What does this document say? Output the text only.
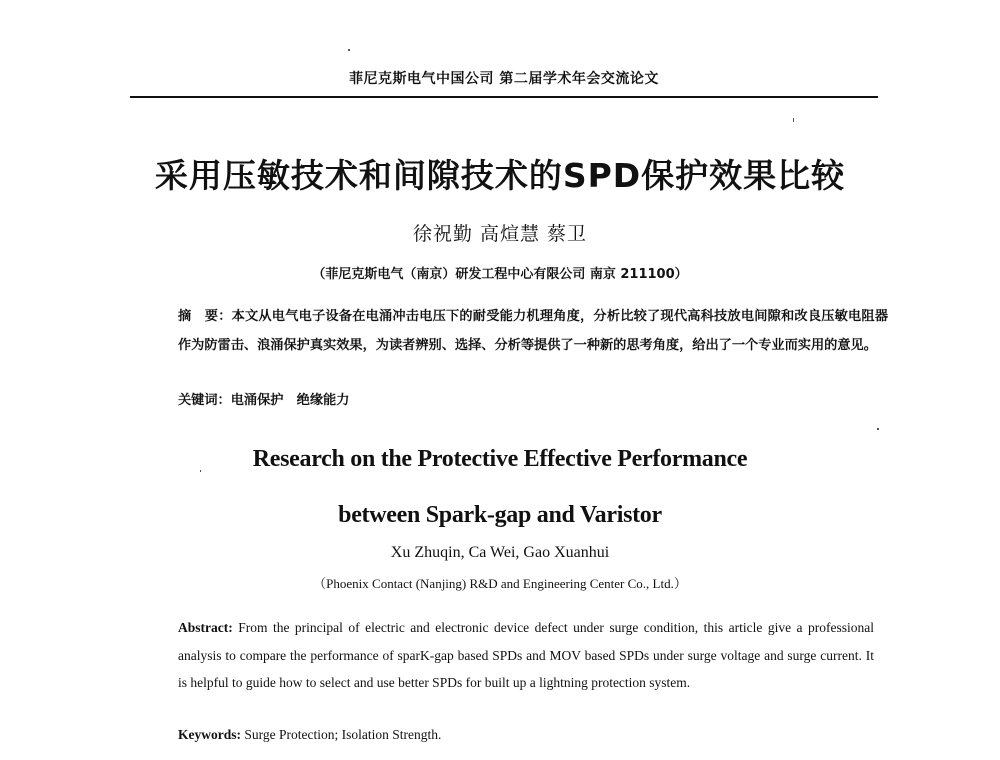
菲尼克斯电气中国公司 第二届学术年会交流论文
采用压敏技术和间隙技术的SPD保护效果比较
徐祝勤 高煊慧 蔡卫
（菲尼克斯电气（南京）研发工程中心有限公司 南京 211100）
摘　要：本文从电气电子设备在电涌冲击电压下的耐受能力机理角度，分析比较了现代高科技放电间隙和改良压敏电阻器作为防雷击、浪涌保护真实效果，为读者辨别、选择、分析等提供了一种新的思考角度，给出了一个专业而实用的意见。
关键词：电涌保护　绝缘能力
Research on the Protective Effective Performance
between Spark-gap and Varistor
Xu Zhuqin, Ca Wei, Gao Xuanhui
（Phoenix Contact (Nanjing) R&D and Engineering Center Co., Ltd.）
Abstract: From the principal of electric and electronic device defect under surge condition, this article give a professional analysis to compare the performance of sparK-gap based SPDs and MOV based SPDs under surge voltage and surge current. It is helpful to guide how to select and use better SPDs for built up a lightning protection system.
Keywords: Surge Protection; Isolation Strength.
